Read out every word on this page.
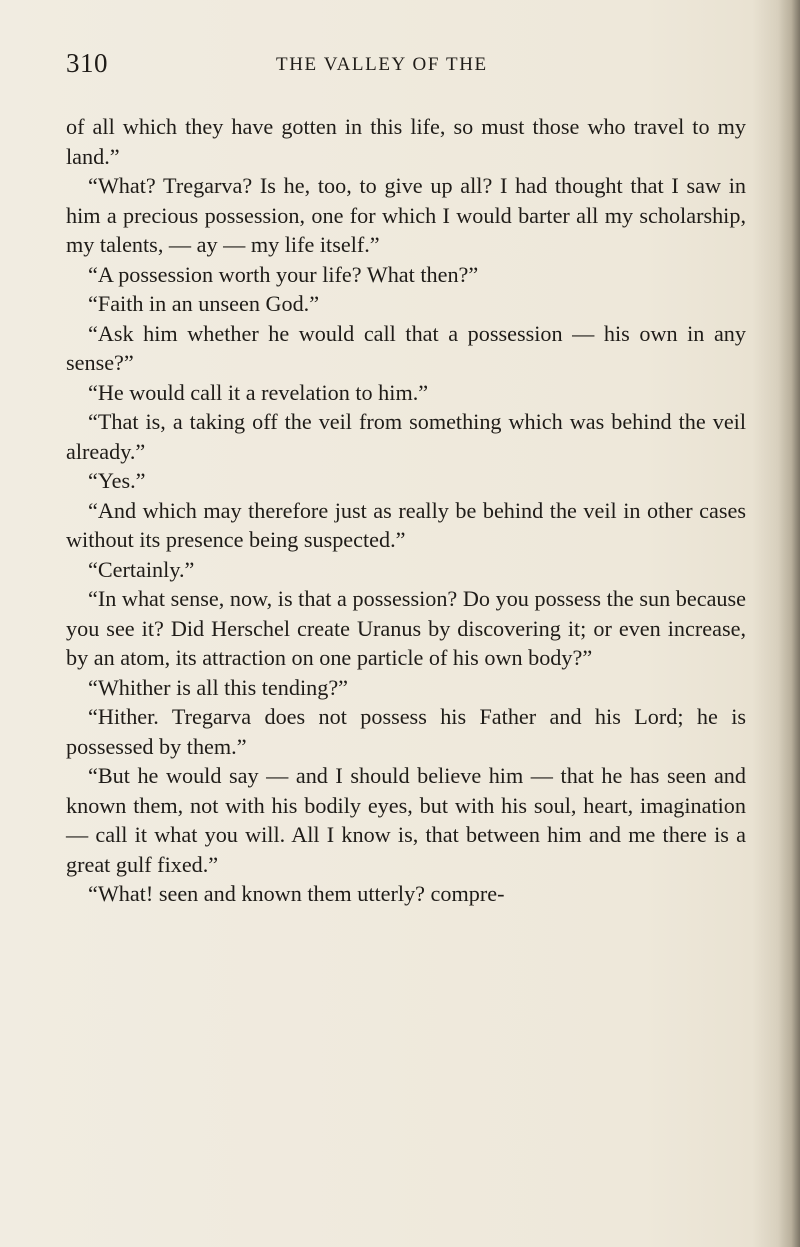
310	THE VALLEY OF THE

of all which they have gotten in this life, so must those who travel to my land.”

“What? Tregarva? Is he, too, to give up all? I had thought that I saw in him a precious possession, one for which I would barter all my scholarship, my talents, — ay — my life itself.”

“A possession worth your life? What then?”

“Faith in an unseen God.”

“Ask him whether he would call that a possession — his own in any sense?”

“He would call it a revelation to him.”

“That is, a taking off the veil from something which was behind the veil already.”

“Yes.”

“And which may therefore just as really be behind the veil in other cases without its presence being suspected.”

“Certainly.”

“In what sense, now, is that a possession? Do you possess the sun because you see it? Did Herschel create Uranus by discovering it; or even increase, by an atom, its attraction on one particle of his own body?”

“Whither is all this tending?”

“Hither. Tregarva does not possess his Father and his Lord; he is possessed by them.”

“But he would say — and I should believe him — that he has seen and known them, not with his bodily eyes, but with his soul, heart, imagination — call it what you will. All I know is, that between him and me there is a great gulf fixed.”

“What! seen and known them utterly? compre-
